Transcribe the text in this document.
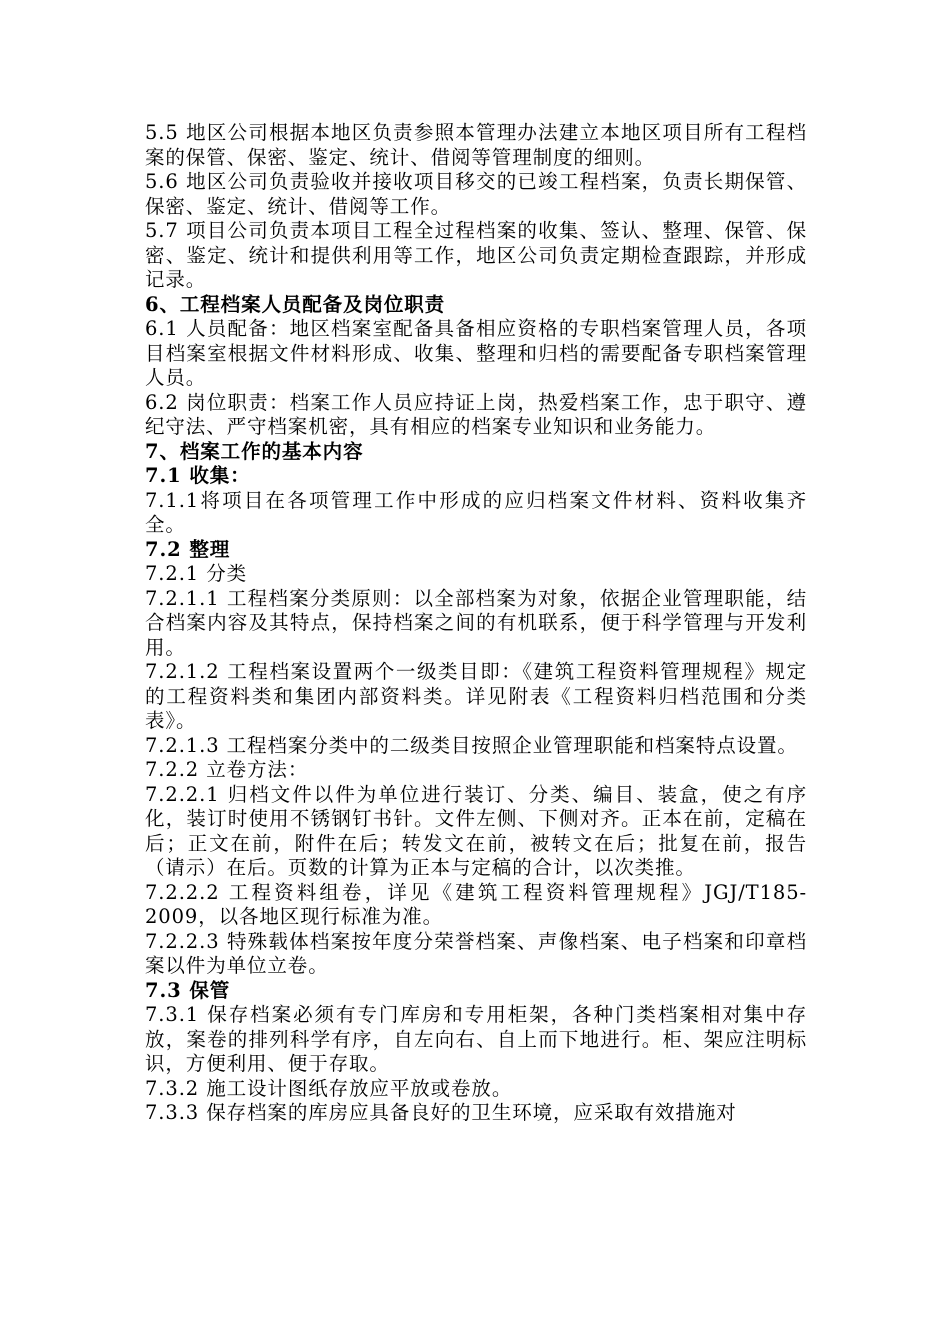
5.5 地区公司根据本地区负责参照本管理办法建立本地区项目所有工程档案的保管、保密、鉴定、统计、借阅等管理制度的细则。

5.6 地区公司负责验收并接收项目移交的已竣工程档案，负责长期保管、保密、鉴定、统计、借阅等工作。

5.7 项目公司负责本项目工程全过程档案的收集、签认、整理、保管、保密、鉴定、统计和提供利用等工作，地区公司负责定期检查跟踪，并形成记录。

6、工程档案人员配备及岗位职责

6.1 人员配备：地区档案室配备具备相应资格的专职档案管理人员，各项目档案室根据文件材料形成、收集、整理和归档的需要配备专职档案管理人员。

6.2 岗位职责：档案工作人员应持证上岗，热爱档案工作，忠于职守、遵纪守法、严守档案机密，具有相应的档案专业知识和业务能力。

7、档案工作的基本内容

7.1 收集：

7.1.1将项目在各项管理工作中形成的应归档案文件材料、资料收集齐全。

7.2 整理

7.2.1 分类

7.2.1.1 工程档案分类原则：以全部档案为对象，依据企业管理职能，结合档案内容及其特点，保持档案之间的有机联系，便于科学管理与开发利用。

7.2.1.2 工程档案设置两个一级类目即：《建筑工程资料管理规程》规定的工程资料类和集团内部资料类。详见附表《工程资料归档范围和分类表》。

7.2.1.3 工程档案分类中的二级类目按照企业管理职能和档案特点设置。

7.2.2 立卷方法：

7.2.2.1 归档文件以件为单位进行装订、分类、编目、装盒，使之有序化，装订时使用不锈钢钉书针。文件左侧、下侧对齐。正本在前，定稿在后；正文在前，附件在后；转发文在前，被转文在后；批复在前，报告（请示）在后。页数的计算为正本与定稿的合计，以次类推。

7.2.2.2 工程资料组卷，详见《建筑工程资料管理规程》JGJ/T185-2009，以各地区现行标准为准。

7.2.2.3 特殊载体档案按年度分荣誉档案、声像档案、电子档案和印章档案以件为单位立卷。

7.3 保管

7.3.1 保存档案必须有专门库房和专用柜架，各种门类档案相对集中存放，案卷的排列科学有序，自左向右、自上而下地进行。柜、架应注明标识，方便利用、便于存取。

7.3.2 施工设计图纸存放应平放或卷放。

7.3.3 保存档案的库房应具备良好的卫生环境，应采取有效措施对
